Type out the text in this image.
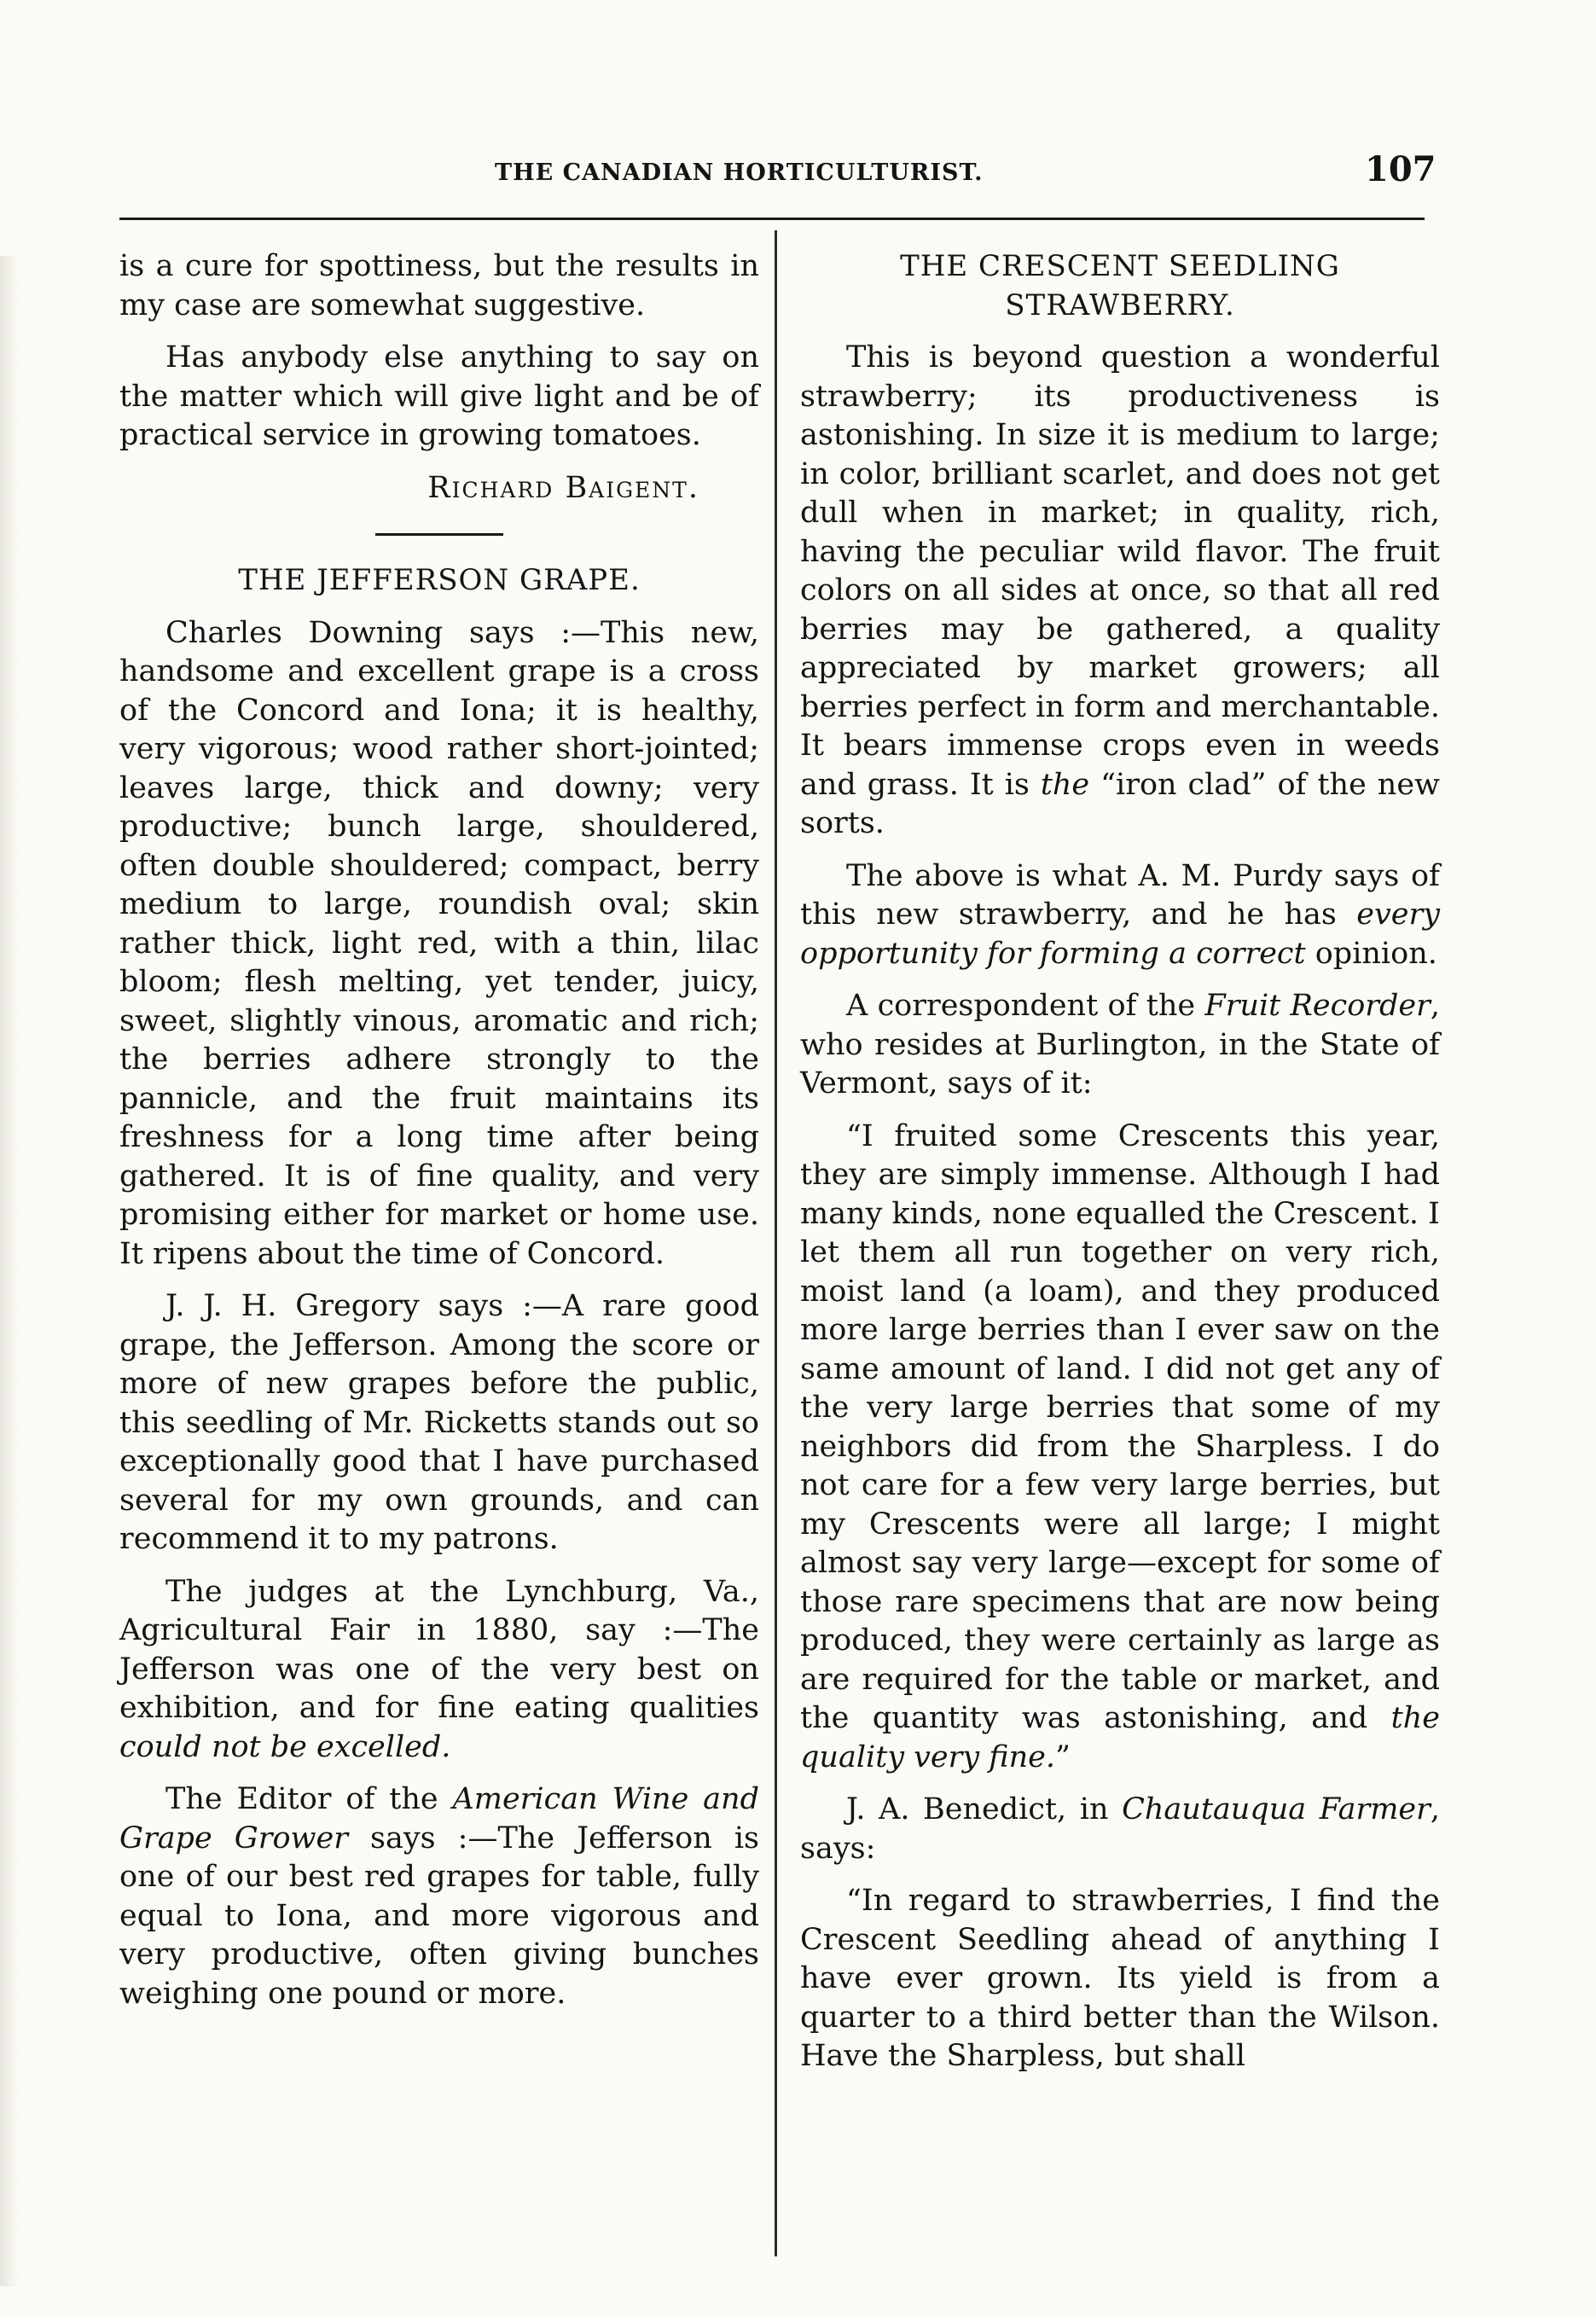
THE CANADIAN HORTICULTURIST.	107

is a cure for spottiness, but the results in my case are somewhat suggestive.

Has anybody else anything to say on the matter which will give light and be of practical service in growing tomatoes.

Richard Baigent.

THE JEFFERSON GRAPE.

Charles Downing says :—This new, handsome and excellent grape is a cross of the Concord and Iona; it is healthy, very vigorous; wood rather short-jointed; leaves large, thick and downy; very productive; bunch large, shouldered, often double shouldered; compact, berry medium to large, roundish oval; skin rather thick, light red, with a thin, lilac bloom; flesh melting, yet tender, juicy, sweet, slightly vinous, aromatic and rich; the berries adhere strongly to the pannicle, and the fruit maintains its freshness for a long time after being gathered. It is of fine quality, and very promising either for market or home use. It ripens about the time of Concord.

J. J. H. Gregory says :—A rare good grape, the Jefferson. Among the score or more of new grapes before the public, this seedling of Mr. Ricketts stands out so exceptionally good that I have purchased several for my own grounds, and can recommend it to my patrons.

The judges at the Lynchburg, Va., Agricultural Fair in 1880, say :—The Jefferson was one of the very best on exhibition, and for fine eating qualities could not be excelled.

The Editor of the American Wine and Grape Grower says :—The Jefferson is one of our best red grapes for table, fully equal to Iona, and more vigorous and very productive, often giving bunches weighing one pound or more.

THE CRESCENT SEEDLING STRAWBERRY.

This is beyond question a wonderful strawberry; its productiveness is astonishing. In size it is medium to large; in color, brilliant scarlet, and does not get dull when in market; in quality, rich, having the peculiar wild flavor. The fruit colors on all sides at once, so that all red berries may be gathered, a quality appreciated by market growers; all berries perfect in form and merchantable. It bears immense crops even in weeds and grass. It is the “iron clad” of the new sorts.

The above is what A. M. Purdy says of this new strawberry, and he has every opportunity for forming a correct opinion.

A correspondent of the Fruit Recorder, who resides at Burlington, in the State of Vermont, says of it:

“I fruited some Crescents this year, they are simply immense. Although I had many kinds, none equalled the Crescent. I let them all run together on very rich, moist land (a loam), and they produced more large berries than I ever saw on the same amount of land. I did not get any of the very large berries that some of my neighbors did from the Sharpless. I do not care for a few very large berries, but my Crescents were all large; I might almost say very large—except for some of those rare specimens that are now being produced, they were certainly as large as are required for the table or market, and the quantity was astonishing, and the quality very fine.”

J. A. Benedict, in Chautauqua Farmer, says:

“In regard to strawberries, I find the Crescent Seedling ahead of anything I have ever grown. Its yield is from a quarter to a third better than the Wilson. Have the Sharpless, but shall
